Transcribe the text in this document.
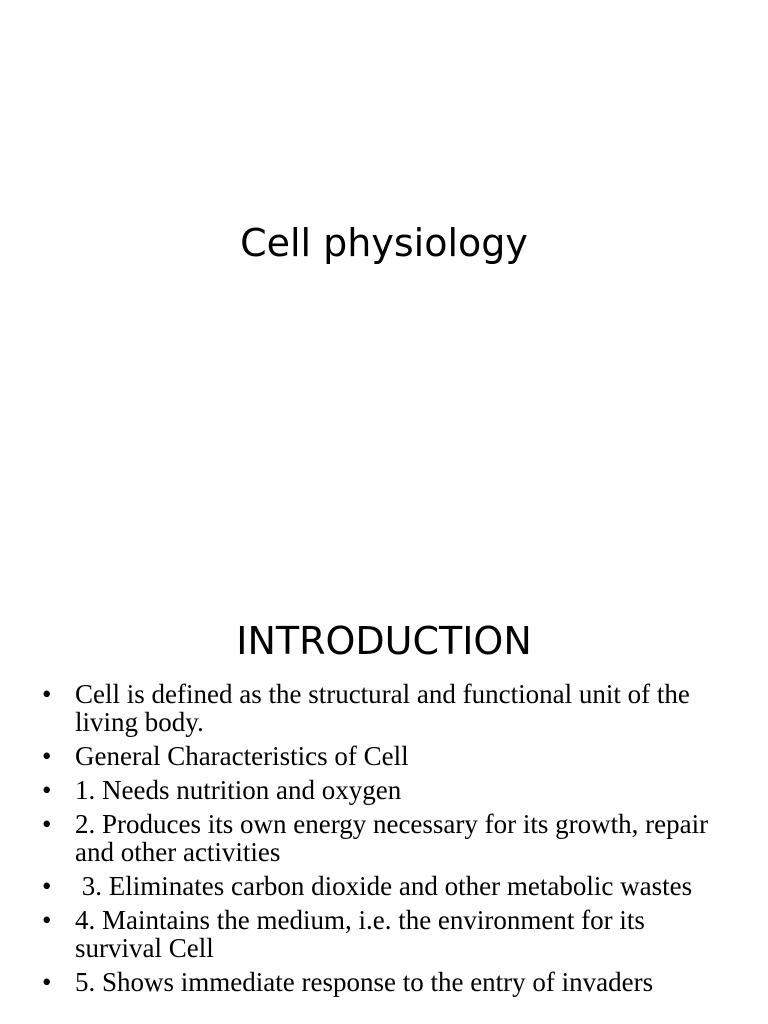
Cell physiology
INTRODUCTION
• Cell is defined as the structural and functional unit of the living body.
• General Characteristics of Cell
• 1. Needs nutrition and oxygen
• 2. Produces its own energy necessary for its growth, repair and other activities
• 3. Eliminates carbon dioxide and other metabolic wastes
• 4. Maintains the medium, i.e. the environment for its survival Cell
• 5. Shows immediate response to the entry of invaders
